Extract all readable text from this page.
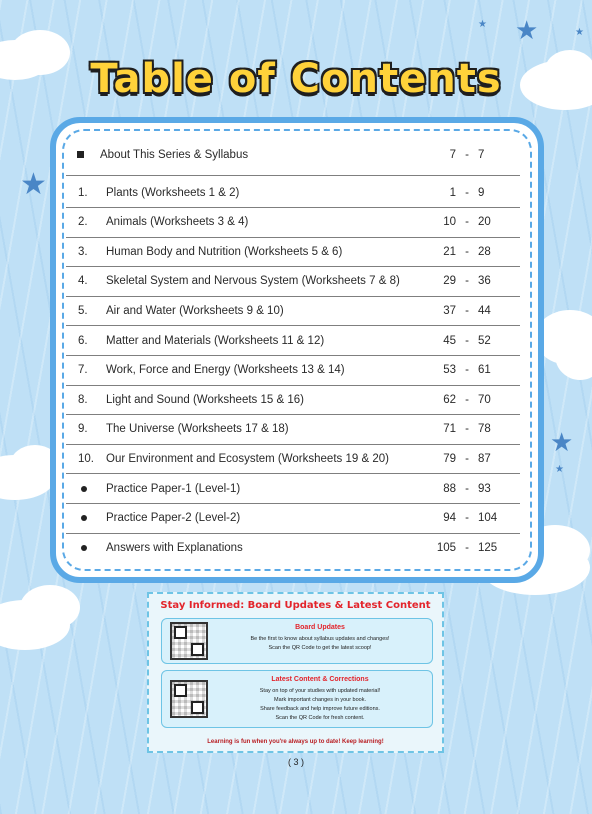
★
★
★
★
★
★
Table of Contents
About This Series & Syllabus	7 - 7
1.	Plants (Worksheets 1 & 2)	1 - 9
2.	Animals (Worksheets 3 & 4)	10 - 20
3.	Human Body and Nutrition (Worksheets 5 & 6)	21 - 28
4.	Skeletal System and Nervous System (Worksheets 7 & 8)	29 - 36
5.	Air and Water (Worksheets 9 & 10)	37 - 44
6.	Matter and Materials (Worksheets 11 & 12)	45 - 52
7.	Work, Force and Energy (Worksheets 13 & 14)	53 - 61
8.	Light and Sound (Worksheets 15 & 16)	62 - 70
9.	The Universe (Worksheets 17 & 18)	71 - 78
10.	Our Environment and Ecosystem (Worksheets 19 & 20)	79 - 87
Practice Paper-1 (Level-1)	88 - 93
Practice Paper-2 (Level-2)	94 - 104
Answers with Explanations	105 - 125
Stay Informed: Board Updates & Latest Content
Board Updates
Be the first to know about syllabus updates and changes!
Scan the QR Code to get the latest scoop!
Latest Content & Corrections
Stay on top of your studies with updated material!
Mark important changes in your book.
Share feedback and help improve future editions.
Scan the QR Code for fresh content.
Learning is fun when you're always up to date! Keep learning!
( 3 )
